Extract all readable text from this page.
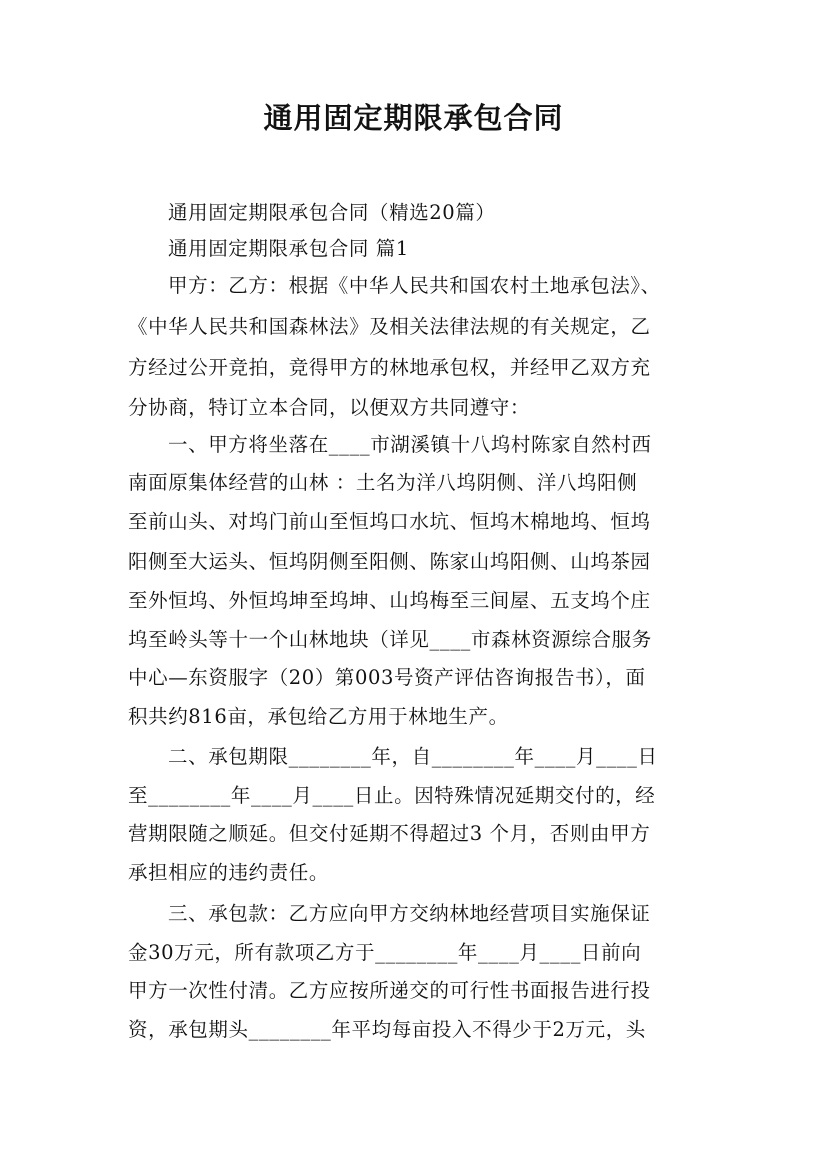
通用固定期限承包合同
通用固定期限承包合同（精选20篇）
通用固定期限承包合同 篇1
甲方：乙方：根据《中华人民共和国农村土地承包法》、
《中华人民共和国森林法》及相关法律法规的有关规定，乙
方经过公开竞拍，竞得甲方的林地承包权，并经甲乙双方充
分协商，特订立本合同，以便双方共同遵守：
一、甲方将坐落在____市湖溪镇十八坞村陈家自然村西
南面原集体经营的山林 ：土名为洋八坞阴侧、洋八坞阳侧
至前山头、对坞门前山至恒坞口水坑、恒坞木棉地坞、恒坞
阳侧至大运头、恒坞阴侧至阳侧、陈家山坞阳侧、山坞茶园
至外恒坞、外恒坞坤至坞坤、山坞梅至三间屋、五支坞个庄
坞至岭头等十一个山林地块（详见____市森林资源综合服务
中心—东资服字（20）第003号资产评估咨询报告书），面
积共约816亩，承包给乙方用于林地生产。
二、承包期限________年，自________年____月____日
至________年____月____日止。因特殊情况延期交付的，经
营期限随之顺延。但交付延期不得超过3 个月，否则由甲方
承担相应的违约责任。
三、承包款：乙方应向甲方交纳林地经营项目实施保证
金30万元，所有款项乙方于________年____月____日前向
甲方一次性付清。乙方应按所递交的可行性书面报告进行投
资，承包期头________年平均每亩投入不得少于2万元，头
